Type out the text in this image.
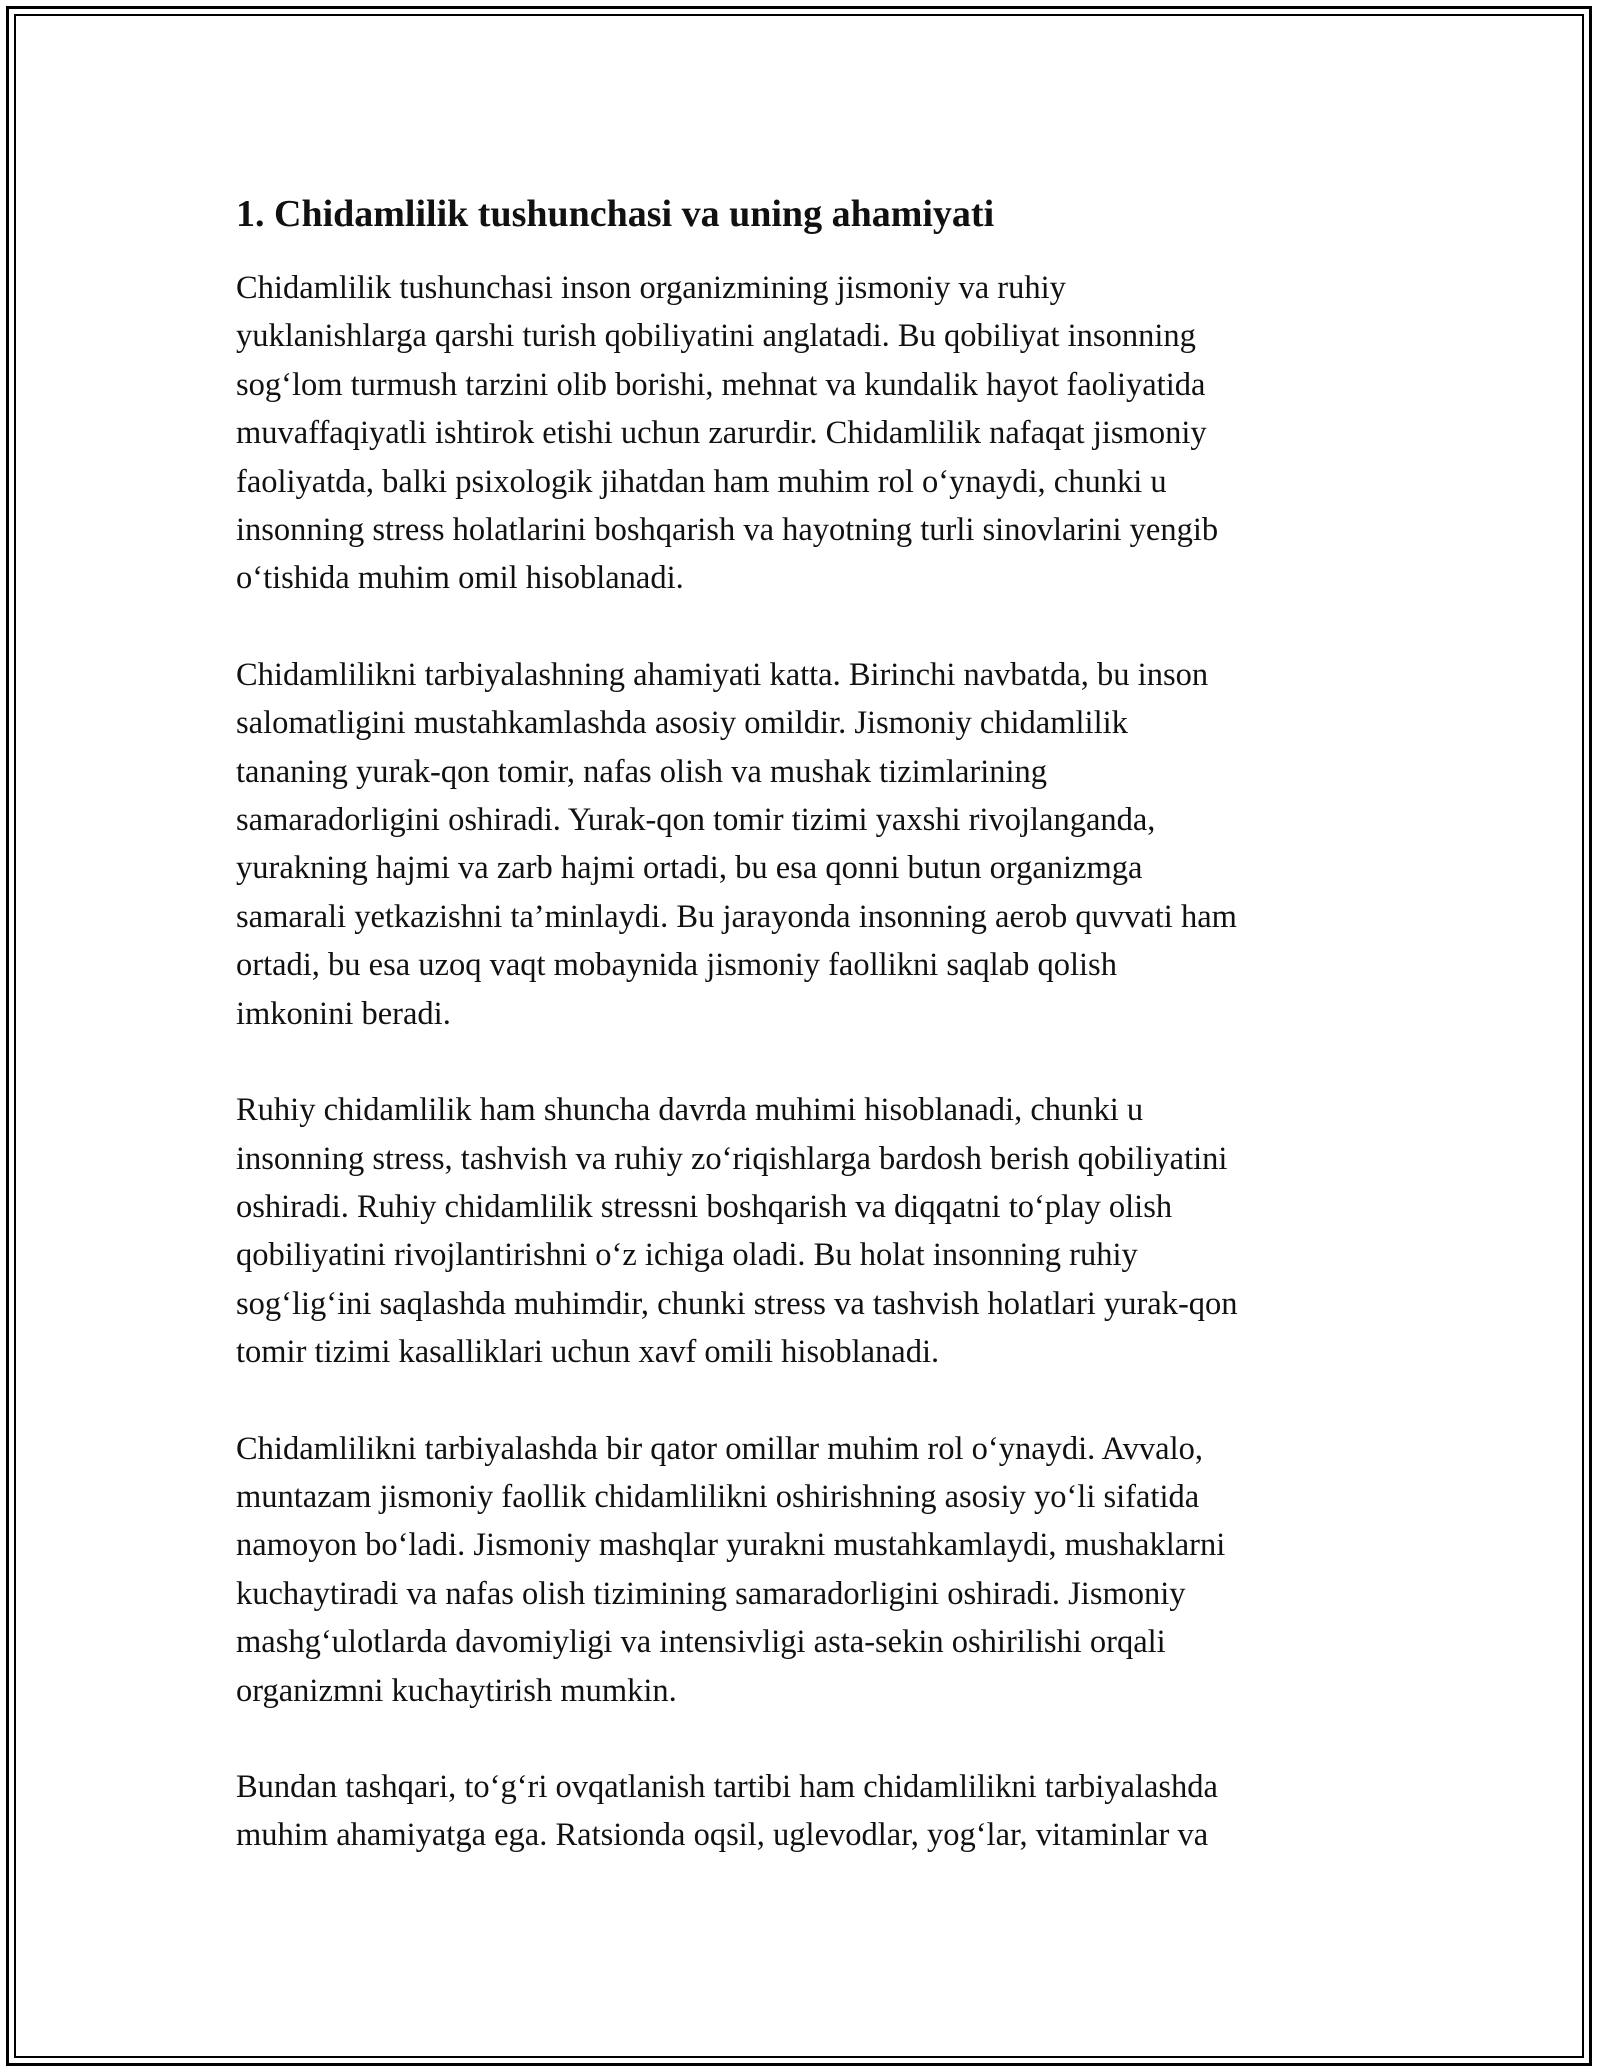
1. Chidamlilik tushunchasi va uning ahamiyati
Chidamlilik tushunchasi inson organizmining jismoniy va ruhiy
yuklanishlarga qarshi turish qobiliyatini anglatadi. Bu qobiliyat insonning
sog‘lom turmush tarzini olib borishi, mehnat va kundalik hayot faoliyatida
muvaffaqiyatli ishtirok etishi uchun zarurdir. Chidamlilik nafaqat jismoniy
faoliyatda, balki psixologik jihatdan ham muhim rol o‘ynaydi, chunki u
insonning stress holatlarini boshqarish va hayotning turli sinovlarini yengib
o‘tishida muhim omil hisoblanadi.
Chidamlilikni tarbiyalashning ahamiyati katta. Birinchi navbatda, bu inson
salomatligini mustahkamlashda asosiy omildir. Jismoniy chidamlilik
tananing yurak-qon tomir, nafas olish va mushak tizimlarining
samaradorligini oshiradi. Yurak-qon tomir tizimi yaxshi rivojlanganda,
yurakning hajmi va zarb hajmi ortadi, bu esa qonni butun organizmga
samarali yetkazishni ta’minlaydi. Bu jarayonda insonning aerob quvvati ham
ortadi, bu esa uzoq vaqt mobaynida jismoniy faollikni saqlab qolish
imkonini beradi.
Ruhiy chidamlilik ham shuncha davrda muhimi hisoblanadi, chunki u
insonning stress, tashvish va ruhiy zo‘riqishlarga bardosh berish qobiliyatini
oshiradi. Ruhiy chidamlilik stressni boshqarish va diqqatni to‘play olish
qobiliyatini rivojlantirishni o‘z ichiga oladi. Bu holat insonning ruhiy
sog‘lig‘ini saqlashda muhimdir, chunki stress va tashvish holatlari yurak-qon
tomir tizimi kasalliklari uchun xavf omili hisoblanadi.
Chidamlilikni tarbiyalashda bir qator omillar muhim rol o‘ynaydi. Avvalo,
muntazam jismoniy faollik chidamlilikni oshirishning asosiy yo‘li sifatida
namoyon bo‘ladi. Jismoniy mashqlar yurakni mustahkamlaydi, mushaklarni
kuchaytiradi va nafas olish tizimining samaradorligini oshiradi. Jismoniy
mashg‘ulotlarda davomiyligi va intensivligi asta-sekin oshirilishi orqali
organizmni kuchaytirish mumkin.
Bundan tashqari, to‘g‘ri ovqatlanish tartibi ham chidamlilikni tarbiyalashda
muhim ahamiyatga ega. Ratsionda oqsil, uglevodlar, yog‘lar, vitaminlar va
